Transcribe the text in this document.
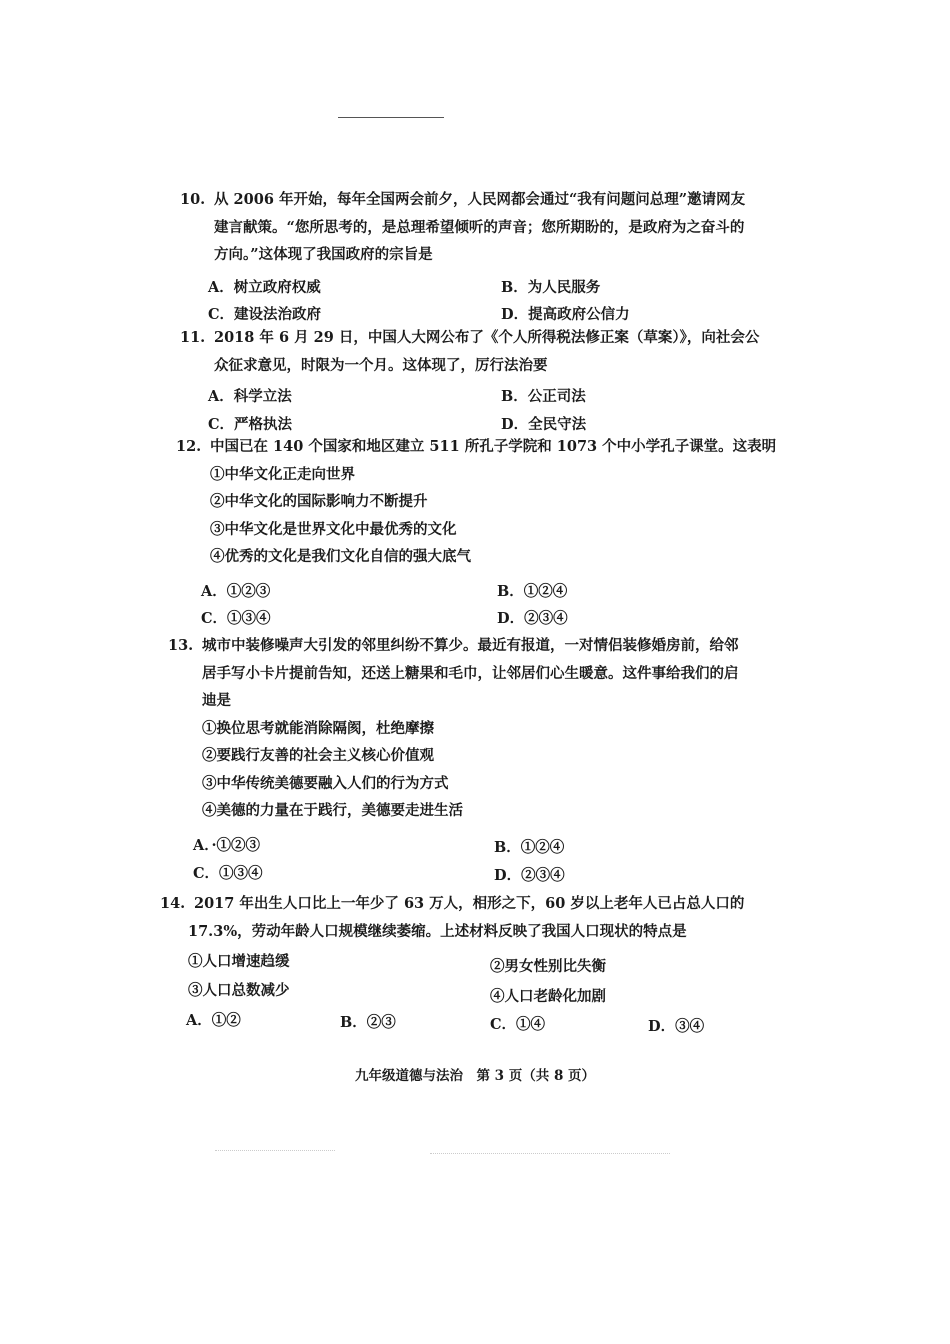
10. 从 2006 年开始，每年全国两会前夕，人民网都会通过“我有问题问总理”邀请网友
建言献策。“您所思考的，是总理希望倾听的声音；您所期盼的，是政府为之奋斗的
方向。”这体现了我国政府的宗旨是
A．树立政府权威	B．为人民服务
C．建设法治政府	D．提高政府公信力
11. 2018 年 6 月 29 日，中国人大网公布了《个人所得税法修正案（草案）》，向社会公
众征求意见，时限为一个月。这体现了，厉行法治要
A．科学立法	B．公正司法
C．严格执法	D．全民守法
12. 中国已在 140 个国家和地区建立 511 所孔子学院和 1073 个中小学孔子课堂。这表明
①中华文化正走向世界
②中华文化的国际影响力不断提升
③中华文化是世界文化中最优秀的文化
④优秀的文化是我们文化自信的强大底气
A．①②③	B．①②④
C．①③④	D．②③④
13. 城市中装修噪声大引发的邻里纠纷不算少。最近有报道，一对情侣装修婚房前，给邻
居手写小卡片提前告知，还送上糖果和毛巾，让邻居们心生暖意。这件事给我们的启
迪是
①换位思考就能消除隔阂，杜绝摩擦
②要践行友善的社会主义核心价值观
③中华传统美德要融入人们的行为方式
④美德的力量在于践行，美德要走进生活
A．·①②③	B．①②④
C．①③④	D．②③④
14. 2017 年出生人口比上一年少了 63 万人，相形之下，60 岁以上老年人已占总人口的
17.3%，劳动年龄人口规模继续萎缩。上述材料反映了我国人口现状的特点是
①人口增速趋缓	②男女性别比失衡
③人口总数减少	④人口老龄化加剧
A．①②	B．②③	C．①④	D．③④
九年级道德与法治　第 3 页（共 8 页）
